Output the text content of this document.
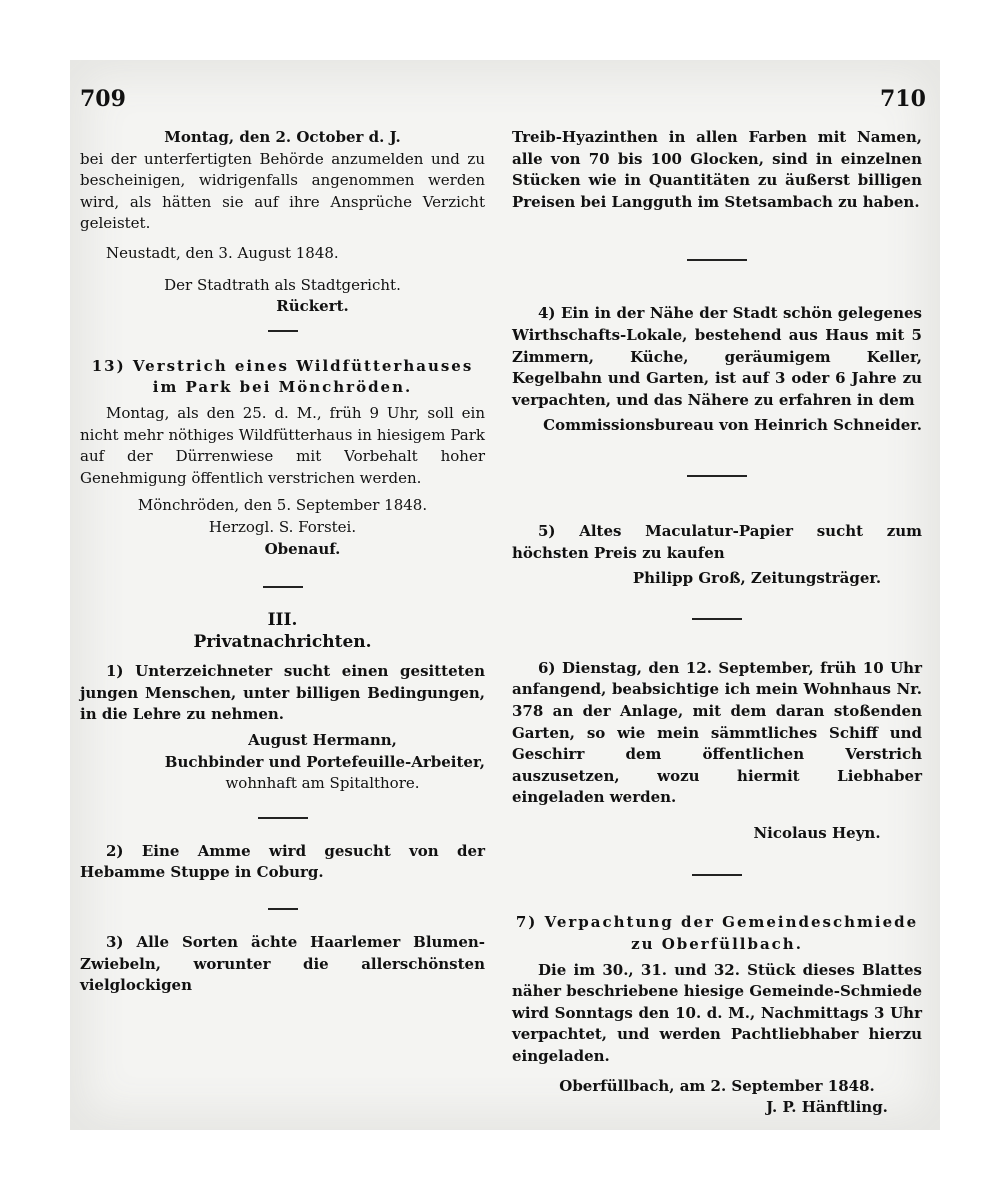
709	710

Montag, den 2. October d. J.

bei der unterfertigten Behörde anzumelden und zu bescheinigen, widrigenfalls angenommen werden wird, als hätten sie auf ihre Ansprüche Verzicht geleistet.

Neustadt, den 3. August 1848.

Der Stadtrath als Stadtgericht.

Rückert.

13) Verstrich eines Wildfütterhauses

im Park bei Mönchröden.

Montag, als den 25. d. M., früh 9 Uhr, soll ein nicht mehr nöthiges Wildfütterhaus in hiesigem Park auf der Dürrenwiese mit Vorbehalt hoher Genehmigung öffentlich verstrichen werden.

Mönchröden, den 5. September 1848.

Herzogl. S. Forstei.

Obenauf.

III.

Privatnachrichten.

1) Unterzeichneter sucht einen gesitteten jungen Menschen, unter billigen Bedingungen, in die Lehre zu nehmen.

August Hermann,

Buchbinder und Portefeuille-Arbeiter,

wohnhaft am Spitalthore.

2) Eine Amme wird gesucht von der Hebamme Stuppe in Coburg.

3) Alle Sorten ächte Haarlemer Blumen-Zwiebeln, worunter die allerschönsten vielglockigen

Treib-Hyazinthen in allen Farben mit Namen, alle von 70 bis 100 Glocken, sind in einzelnen Stücken wie in Quantitäten zu äußerst billigen Preisen bei Langguth im Stetsambach zu haben.

4) Ein in der Nähe der Stadt schön gelegenes Wirthschafts-Lokale, bestehend aus Haus mit 5 Zimmern, Küche, geräumigem Keller, Kegelbahn und Garten, ist auf 3 oder 6 Jahre zu verpachten, und das Nähere zu erfahren in dem

Commissionsbureau von Heinrich Schneider.

5) Altes Maculatur-Papier sucht zum höchsten Preis zu kaufen

Philipp Groß, Zeitungsträger.

6) Dienstag, den 12. September, früh 10 Uhr anfangend, beabsichtige ich mein Wohnhaus Nr. 378 an der Anlage, mit dem daran stoßenden Garten, so wie mein sämmtliches Schiff und Geschirr dem öffentlichen Verstrich auszusetzen, wozu hiermit Liebhaber eingeladen werden.

Nicolaus Heyn.

7) Verpachtung der Gemeindeschmiede

zu Oberfüllbach.

Die im 30., 31. und 32. Stück dieses Blattes näher beschriebene hiesige Gemeinde-Schmiede wird Sonntags den 10. d. M., Nachmittags 3 Uhr verpachtet, und werden Pachtliebhaber hierzu eingeladen.

Oberfüllbach, am 2. September 1848.

J. P. Hänftling.
